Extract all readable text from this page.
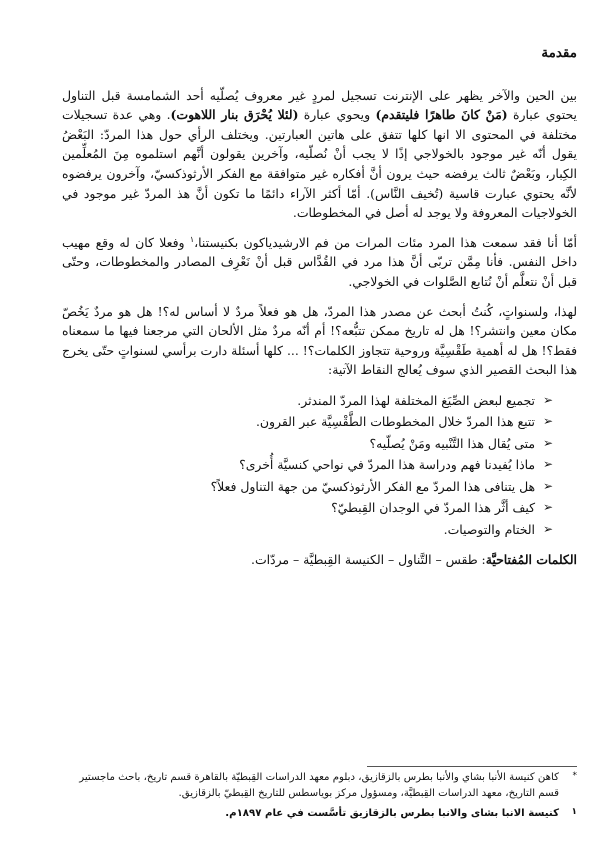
مقدمة

بين الحين والآخر يظهر على الإنترنت تسجيل لمردٍ غير معروف يُصلّيه أحد الشمامسة قبل التناول يحتوي عبارة (مَنْ كانَ طاهرًا فليتقدم) ويحوي عبارة (لئلا يُحْرَق بنار اللاهوت). وهي عدة تسجيلات مختلفة في المحتوى الا انها كلها تتفق على هاتين العبارتين. ويختلف الرأي حول هذا المردّ: البَعْضُ يقول أنّه غير موجود بالخولاجي إذًا لا يجب أنْ نُصلّيه، وآخرين يقولون أنَّهم استلموه مِنَ المُعلِّمين الكِبار، وبَعْضٌ ثالث يرفضه حيث يرون أنَّ أفكاره غير متوافقة مع الفكر الأرثوذكسيّ، وآخرون يرفضوه لأنَّه يحتوي عبارت قاسية (تُخيف النَّاس). أمّا أكثر الآراء دائمًا ما تكون أنَّ هذ المردّ غير موجود في الخولاجيات المعروفة ولا يوجد له أصل في المخطوطات.

أمّا أنا فقد سمعت هذا المرد مئات المرات من فم الارشيدياكون بكنيستنا،$^١$ وفعلا كان له وقع مهيب داخل النفس. فأنا مِمَّن تربّى أنَّ هذا مرد في القُدَّاس قبل أنْ نَعْرِف المصادر والمخطوطات، وحتّى قبل أنْ نتعلَّم أنْ نُتابع الصَّلوات في الخولاجي.

لهذا، ولسنواتٍ، كُنتُ أبحث عن مصدر هذا المردّ، هل هو فعلاً مردٌ لا أساس له؟! هل هو مردٌ يَخُصّ مكان معين وانتشر؟! هل له تاريخ ممكن تتبُّعه؟! أم أنّه مردٌ مثل الألحان التي مرجعنا فيها ما سمعناه فقط؟! هل له أهمية طَقْسِيَّة وروحية تتجاوز الكلمات؟! ... كلها أسئلة دارت برأسي لسنواتٍ حتّى يخرج هذا البحث القصير الذي سوف يُعالج النقاط الآتية:

➢
تجميع لبعض الصِّيَغ المختلفة لهذا المردّ المندثر.
➢
تتبع هذا المردّ خلال المخطوطات الطَّقْسِيَّة عبر القرون.
➢
متى يُقال هذا التَّنْبيه ومَنْ يُصلّيه؟
➢
ماذا يُفيدنا فهم ودراسة هذا المردّ في نواحي كنسيَّة أُخرى؟
➢
هل يتنافى هذا المردّ مع الفكر الأرثوذكسيّ من جهة التناول فعلاً؟
➢
كيف أثَّر هذا المردّ في الوجدان القِبطيّ؟
➢
الختام والتوصيات.

الكلمات المُفتاحيَّة: طقس – التَّناول – الكنيسة القِبطيَّة – مردّات.

*
كاهن كنيسة الأنبا بشاي والأنبا بطرس بالزقازيق، دبلوم معهد الدراسات القِبطيّة بالقاهرة قسم تاريخ، باحث ماجستير قسم التاريخ، معهد الدراسات القِبطيَّة، ومسؤول مركز بوياسطس للتاريخ القِبطيّ بالزقازيق.
١
كنيسة الانبا بشاى والانبا بطرس بالزقازيق تأسَّست في عام ١٨٩٧م.
